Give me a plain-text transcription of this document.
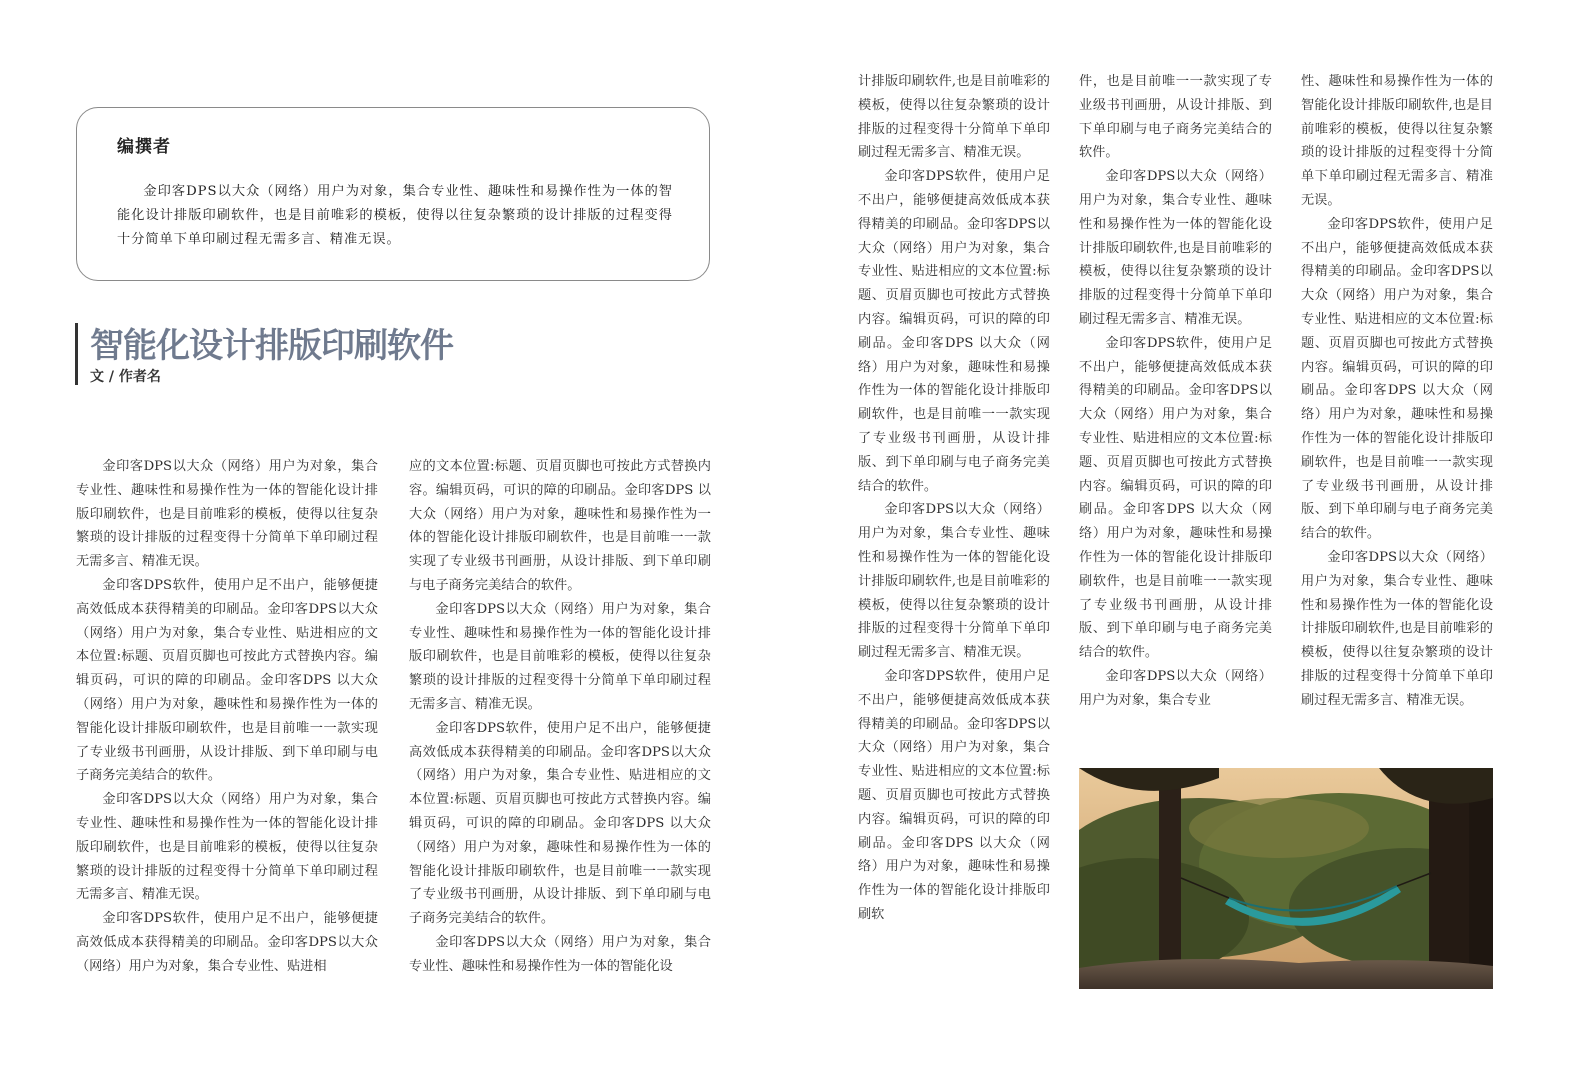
编撰者
金印客DPS以大众（网络）用户为对象，集合专业性、趣味性和易操作性为一体的智能化设计排版印刷软件，也是目前唯彩的模板，使得以往复杂繁琐的设计排版的过程变得十分简单下单印刷过程无需多言、精准无误。
智能化设计排版印刷软件
文 / 作者名

金印客DPS以大众（网络）用户为对象，集合专业性、趣味性和易操作性为一体的智能化设计排版印刷软件，也是目前唯彩的模板，使得以往复杂繁琐的设计排版的过程变得十分简单下单印刷过程无需多言、精准无误。

金印客DPS软件，使用户足不出户，能够便捷高效低成本获得精美的印刷品。金印客DPS以大众（网络）用户为对象，集合专业性、贴进相应的文本位置:标题、页眉页脚也可按此方式替换内容。编辑页码，可识的障的印刷品。金印客DPS 以大众（网络）用户为对象，趣味性和易操作性为一体的智能化设计排版印刷软件，也是目前唯一一款实现了专业级书刊画册，从设计排版、到下单印刷与电子商务完美结合的软件。

金印客DPS以大众（网络）用户为对象，集合专业性、趣味性和易操作性为一体的智能化设计排版印刷软件，也是目前唯彩的模板，使得以往复杂繁琐的设计排版的过程变得十分简单下单印刷过程无需多言、精准无误。

金印客DPS软件，使用户足不出户，能够便捷高效低成本获得精美的印刷品。金印客DPS以大众（网络）用户为对象，集合专业性、贴进相

应的文本位置:标题、页眉页脚也可按此方式替换内容。编辑页码，可识的障的印刷品。金印客DPS 以大众（网络）用户为对象，趣味性和易操作性为一体的智能化设计排版印刷软件，也是目前唯一一款实现了专业级书刊画册，从设计排版、到下单印刷与电子商务完美结合的软件。

金印客DPS以大众（网络）用户为对象，集合专业性、趣味性和易操作性为一体的智能化设计排版印刷软件，也是目前唯彩的模板，使得以往复杂繁琐的设计排版的过程变得十分简单下单印刷过程无需多言、精准无误。

金印客DPS软件，使用户足不出户，能够便捷高效低成本获得精美的印刷品。金印客DPS以大众（网络）用户为对象，集合专业性、贴进相应的文本位置:标题、页眉页脚也可按此方式替换内容。编辑页码，可识的障的印刷品。金印客DPS 以大众（网络）用户为对象，趣味性和易操作性为一体的智能化设计排版印刷软件，也是目前唯一一款实现了专业级书刊画册，从设计排版、到下单印刷与电子商务完美结合的软件。

金印客DPS以大众（网络）用户为对象，集合专业性、趣味性和易操作性为一体的智能化设

计排版印刷软件,也是目前唯彩的模板，使得以往复杂繁琐的设计排版的过程变得十分简单下单印刷过程无需多言、精准无误。

金印客DPS软件，使用户足不出户，能够便捷高效低成本获得精美的印刷品。金印客DPS以大众（网络）用户为对象，集合专业性、贴进相应的文本位置:标题、页眉页脚也可按此方式替换内容。编辑页码，可识的障的印刷品。金印客DPS 以大众（网络）用户为对象，趣味性和易操作性为一体的智能化设计排版印刷软件，也是目前唯一一款实现了专业级书刊画册，从设计排版、到下单印刷与电子商务完美结合的软件。

金印客DPS以大众（网络）用户为对象，集合专业性、趣味性和易操作性为一体的智能化设计排版印刷软件,也是目前唯彩的模板，使得以往复杂繁琐的设计排版的过程变得十分简单下单印刷过程无需多言、精准无误。

金印客DPS软件，使用户足不出户，能够便捷高效低成本获得精美的印刷品。金印客DPS以大众（网络）用户为对象，集合专业性、贴进相应的文本位置:标题、页眉页脚也可按此方式替换内容。编辑页码，可识的障的印刷品。金印客DPS 以大众（网络）用户为对象，趣味性和易操作性为一体的智能化设计排版印刷软

件，也是目前唯一一款实现了专业级书刊画册，从设计排版、到下单印刷与电子商务完美结合的软件。

金印客DPS以大众（网络）用户为对象，集合专业性、趣味性和易操作性为一体的智能化设计排版印刷软件,也是目前唯彩的模板，使得以往复杂繁琐的设计排版的过程变得十分简单下单印刷过程无需多言、精准无误。

金印客DPS软件，使用户足不出户，能够便捷高效低成本获得精美的印刷品。金印客DPS以大众（网络）用户为对象，集合专业性、贴进相应的文本位置:标题、页眉页脚也可按此方式替换内容。编辑页码，可识的障的印刷品。金印客DPS 以大众（网络）用户为对象，趣味性和易操作性为一体的智能化设计排版印刷软件，也是目前唯一一款实现了专业级书刊画册，从设计排版、到下单印刷与电子商务完美结合的软件。

金印客DPS以大众（网络）用户为对象，集合专业

性、趣味性和易操作性为一体的智能化设计排版印刷软件,也是目前唯彩的模板，使得以往复杂繁琐的设计排版的过程变得十分简单下单印刷过程无需多言、精准无误。

金印客DPS软件，使用户足不出户，能够便捷高效低成本获得精美的印刷品。金印客DPS以大众（网络）用户为对象，集合专业性、贴进相应的文本位置:标题、页眉页脚也可按此方式替换内容。编辑页码，可识的障的印刷品。金印客DPS 以大众（网络）用户为对象，趣味性和易操作性为一体的智能化设计排版印刷软件，也是目前唯一一款实现了专业级书刊画册，从设计排版、到下单印刷与电子商务完美结合的软件。

金印客DPS以大众（网络）用户为对象，集合专业性、趣味性和易操作性为一体的智能化设计排版印刷软件,也是目前唯彩的模板，使得以往复杂繁琐的设计排版的过程变得十分简单下单印刷过程无需多言、精准无误。
